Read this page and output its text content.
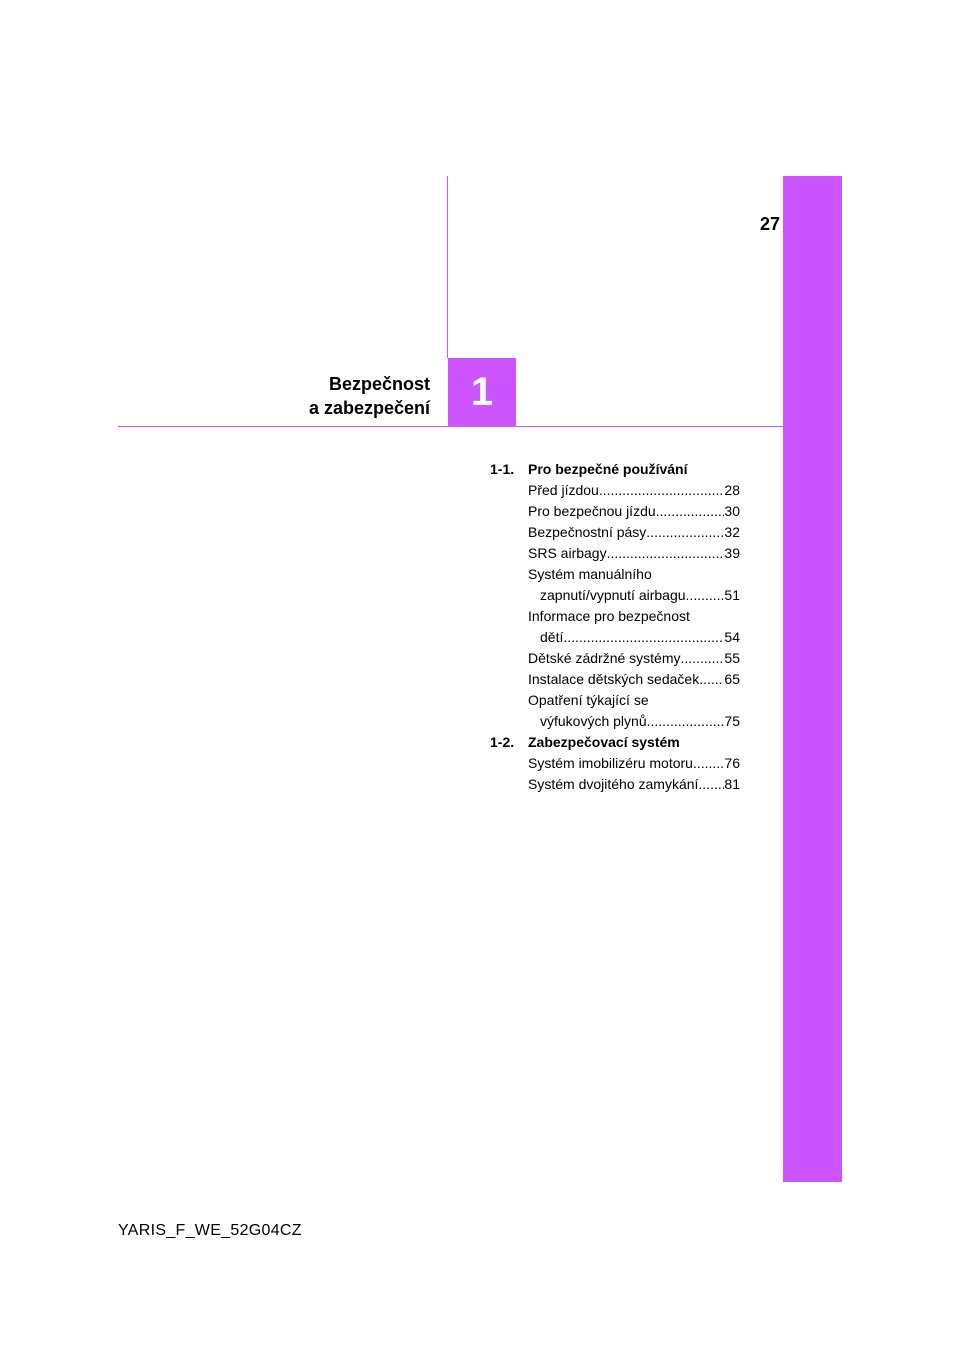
27
Bezpečnost
a zabezpečení	1
1-1. Pro bezpečné používání
Před jízdou .....	28
Pro bezpečnou jízdu .....	30
Bezpečnostní pásy .....	32
SRS airbagy .....	39
Systém manuálního
zapnutí/vypnutí airbagu .....	51
Informace pro bezpečnost
dětí .....	54
Dětské zádržné systémy .....	55
Instalace dětských sedaček ..... 65
Opatření týkající se
výfukových plynů .....	75
1-2. Zabezpečovací systém
Systém imobilizéru motoru ..... 76
Systém dvojitého zamykání ..... 81
YARIS_F_WE_52G04CZ
